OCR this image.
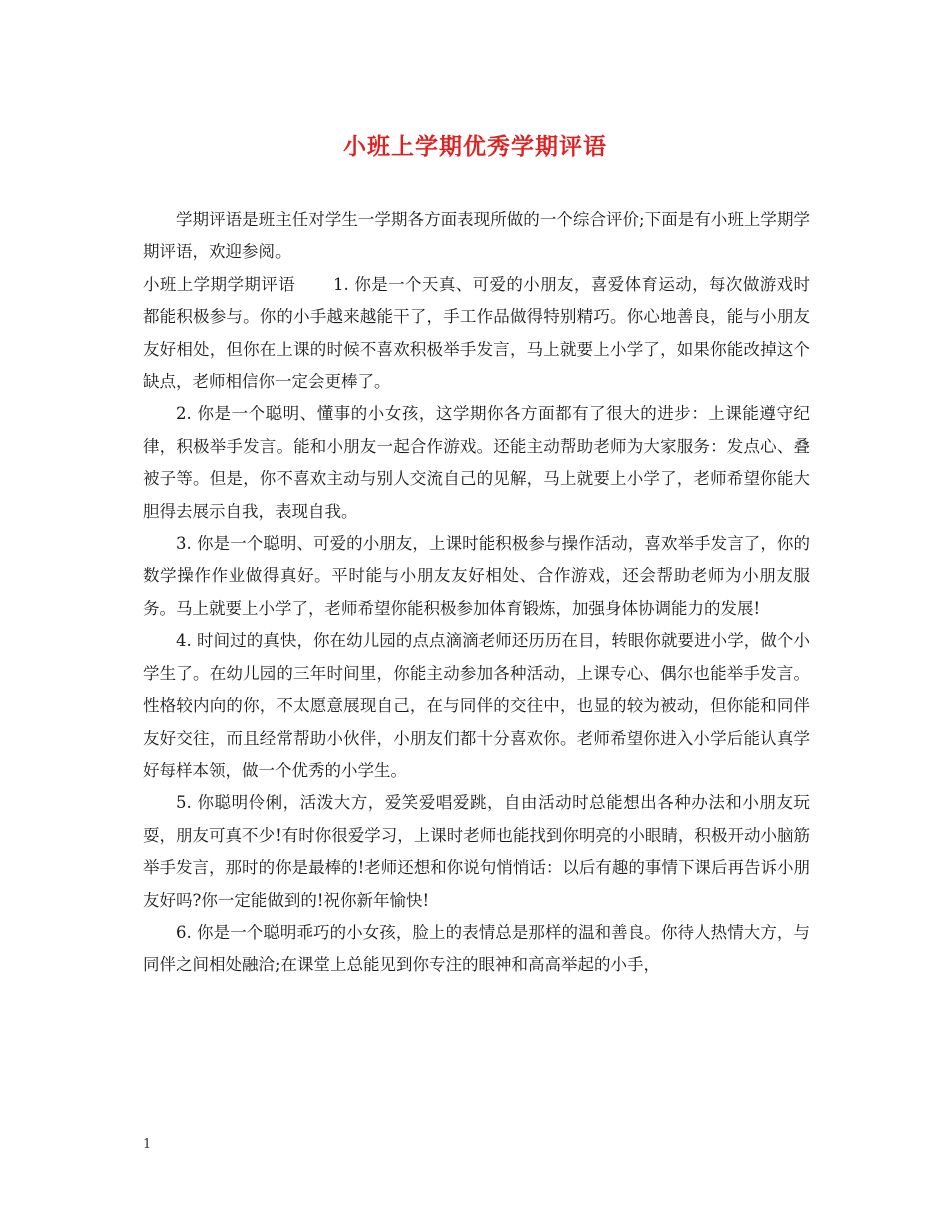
小班上学期优秀学期评语

学期评语是班主任对学生一学期各方面表现所做的一个综合评价;下面是有小班上学期学期评语，欢迎参阅。

小班上学期学期评语 1. 你是一个天真、可爱的小朋友，喜爱体育运动，每次做游戏时都能积极参与。你的小手越来越能干了，手工作品做得特别精巧。你心地善良，能与小朋友友好相处，但你在上课的时候不喜欢积极举手发言，马上就要上小学了，如果你能改掉这个缺点，老师相信你一定会更棒了。

2. 你是一个聪明、懂事的小女孩，这学期你各方面都有了很大的进步：上课能遵守纪律，积极举手发言。能和小朋友一起合作游戏。还能主动帮助老师为大家服务：发点心、叠被子等。但是，你不喜欢主动与别人交流自己的见解，马上就要上小学了，老师希望你能大胆得去展示自我，表现自我。

3. 你是一个聪明、可爱的小朋友，上课时能积极参与操作活动，喜欢举手发言了，你的数学操作作业做得真好。平时能与小朋友友好相处、合作游戏，还会帮助老师为小朋友服务。马上就要上小学了，老师希望你能积极参加体育锻炼，加强身体协调能力的发展!

4. 时间过的真快，你在幼儿园的点点滴滴老师还历历在目，转眼你就要进小学，做个小学生了。在幼儿园的三年时间里，你能主动参加各种活动，上课专心、偶尔也能举手发言。性格较内向的你，不太愿意展现自己，在与同伴的交往中，也显的较为被动，但你能和同伴友好交往，而且经常帮助小伙伴，小朋友们都十分喜欢你。老师希望你进入小学后能认真学好每样本领，做一个优秀的小学生。

5. 你聪明伶俐，活泼大方，爱笑爱唱爱跳，自由活动时总能想出各种办法和小朋友玩耍，朋友可真不少!有时你很爱学习，上课时老师也能找到你明亮的小眼睛，积极开动小脑筋举手发言，那时的你是最棒的!老师还想和你说句悄悄话：以后有趣的事情下课后再告诉小朋友好吗?你一定能做到的!祝你新年愉快!

6. 你是一个聪明乖巧的小女孩，脸上的表情总是那样的温和善良。你待人热情大方，与同伴之间相处融洽;在课堂上总能见到你专注的眼神和高高举起的小手，

1
